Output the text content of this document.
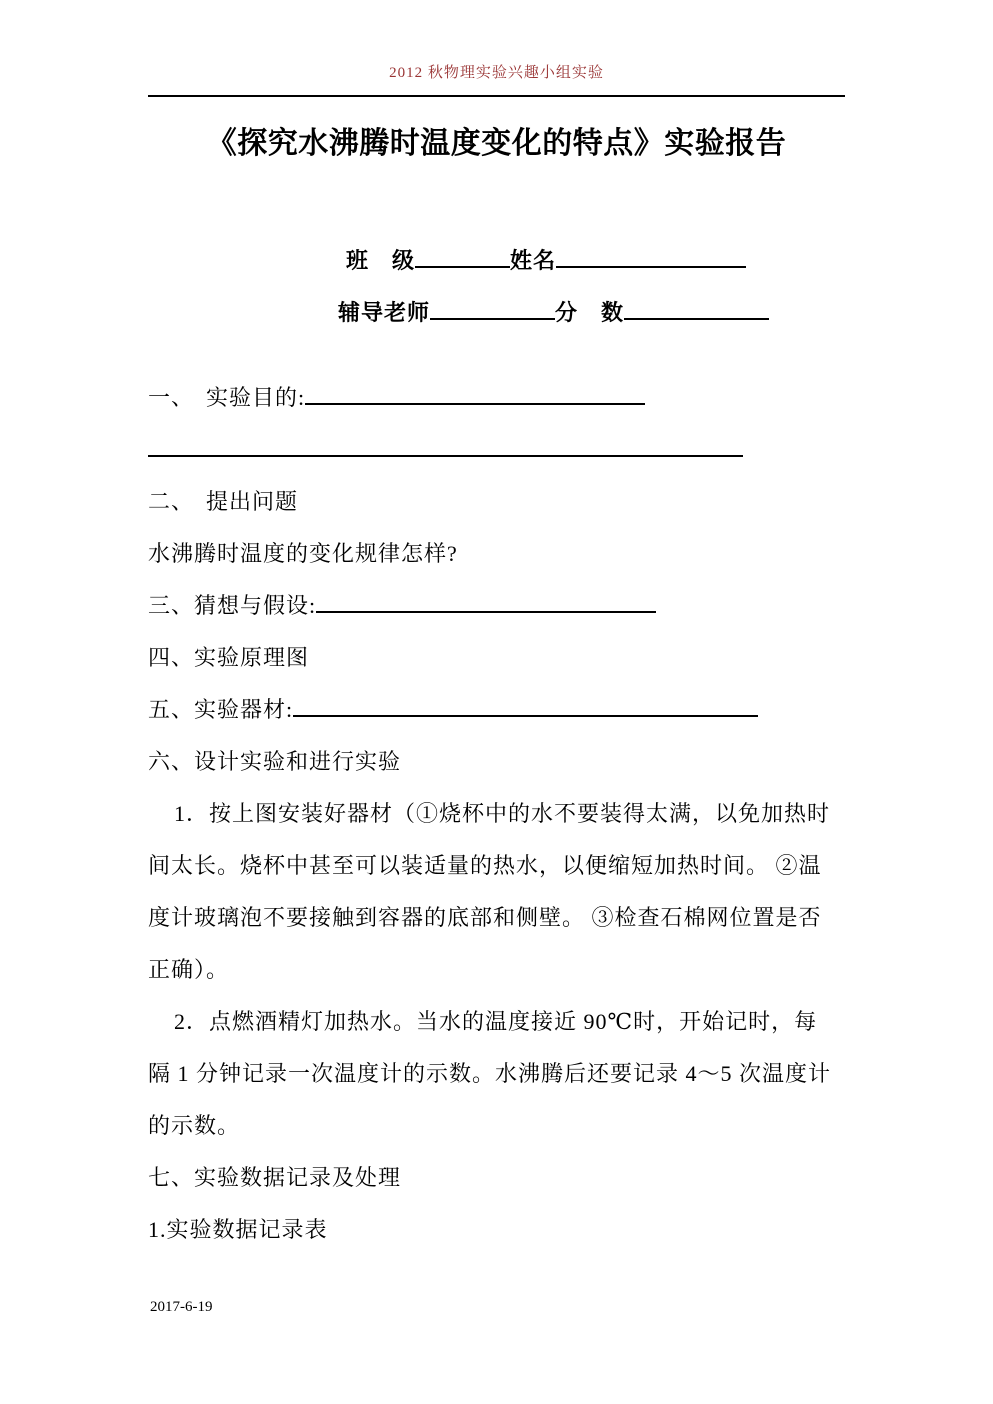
2012 秋物理实验兴趣小组实验
《探究水沸腾时温度变化的特点》实验报告
班　级	姓名
辅导老师	分　数
一、　实验目的:
二、　提出问题
水沸腾时温度的变化规律怎样?
三、猜想与假设:
四、实验原理图
五、实验器材:
六、设计实验和进行实验
1．按上图安装好器材（①烧杯中的水不要装得太满，以免加热时
间太长。烧杯中甚至可以装适量的热水，以便缩短加热时间。 ②温
度计玻璃泡不要接触到容器的底部和侧壁。 ③检查石棉网位置是否
正确）。
2．点燃酒精灯加热水。当水的温度接近 90℃时，开始记时，每
隔 1 分钟记录一次温度计的示数。水沸腾后还要记录 4～5 次温度计
的示数。
七、实验数据记录及处理
1.实验数据记录表
2017-6-19
